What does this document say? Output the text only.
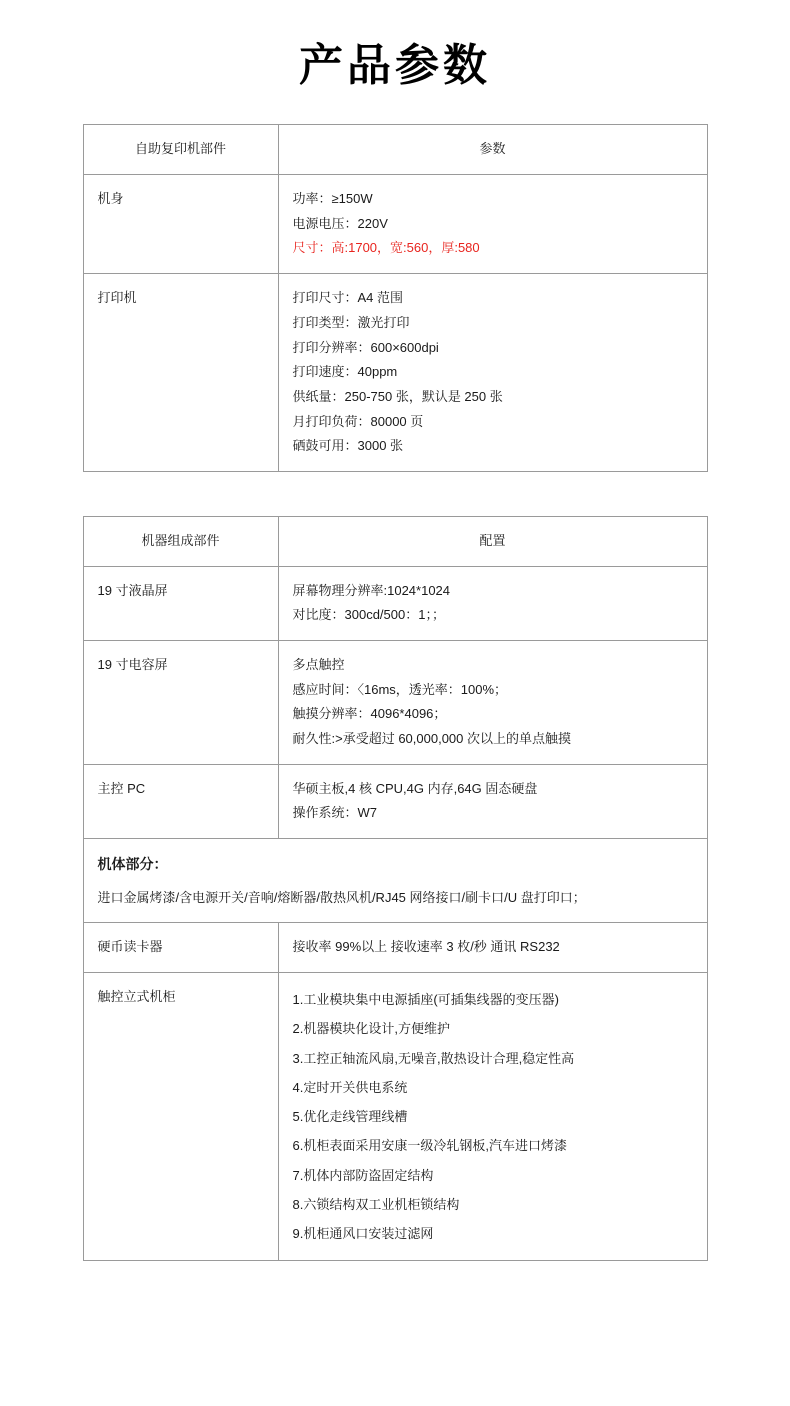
产品参数
自助复印机部件	参数
机身	功率：≥150W
电源电压：220V
尺寸：高:1700，宽:560，厚:580

打印机	打印尺寸：A4 范围
打印类型：激光打印
打印分辨率：600×600dpi
打印速度：40ppm
供纸量：250-750 张，默认是 250 张
月打印负荷：80000 页
硒鼓可用：3000 张
机器组成部件	配置
19 寸液晶屏	屏幕物理分辨率:1024*1024
对比度：300cd/500：1；；

19 寸电容屏	多点触控
感应时间：〈16ms，透光率：100%；
触摸分辨率：4096*4096；
耐久性:>承受超过 60,000,000 次以上的单点触摸

主控 PC	华硕主板,4 核 CPU,4G 内存,64G 固态硬盘
操作系统：W7

机体部分：
进口金属烤漆/含电源开关/音响/熔断器/散热风机/RJ45 网络接口/刷卡口/U 盘打印口；	

硬币读卡器	接收率 99%以上 接收速率 3 枚/秒 通讯 RS232

触控立式机柜	1.工业模块集中电源插座(可插集线器的变压器)
2.机器模块化设计,方便维护
3.工控正轴流风扇,无噪音,散热设计合理,稳定性高
4.定时开关供电系统
5.优化走线管理线槽
6.机柜表面采用安康一级冷轧钢板,汽车进口烤漆
7.机体内部防盗固定结构
8.六锁结构双工业机柜锁结构
9.机柜通风口安装过滤网
